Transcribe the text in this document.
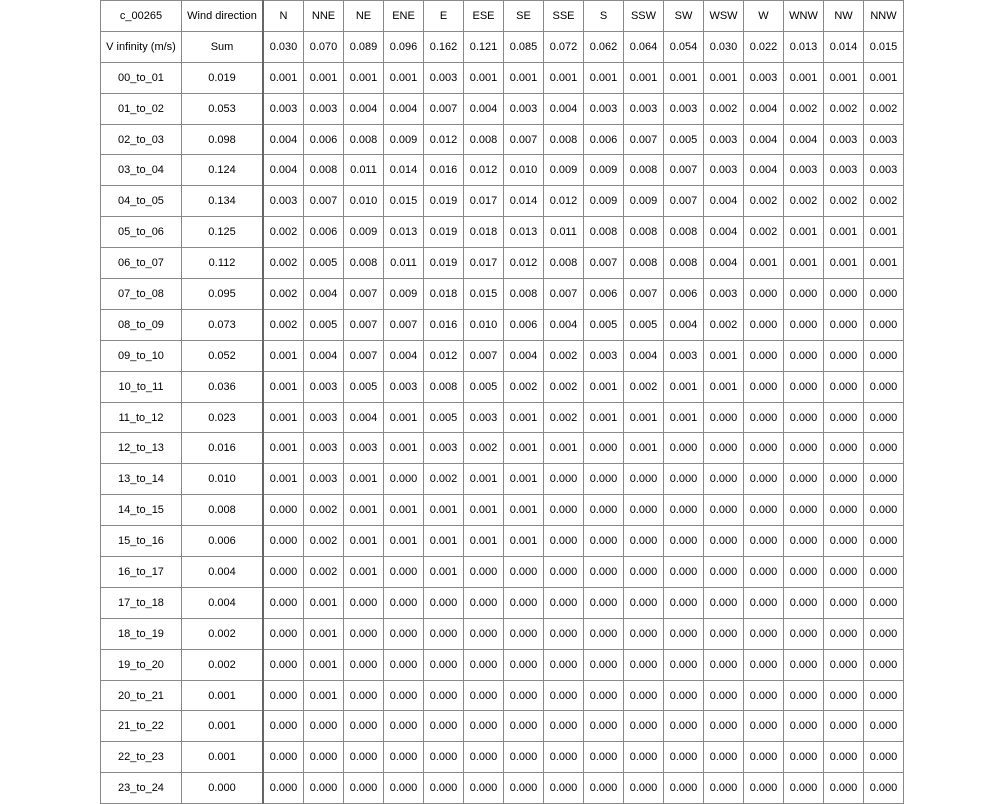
c_00265	Wind direction	N	NNE	NE	ENE	E	ESE	SE	SSE	S	SSW	SW	WSW	W	WNW	NW	NNW
V infinity (m/s)	Sum	0.030	0.070	0.089	0.096	0.162	0.121	0.085	0.072	0.062	0.064	0.054	0.030	0.022	0.013	0.014	0.015
00_to_01	0.019	0.001	0.001	0.001	0.001	0.003	0.001	0.001	0.001	0.001	0.001	0.001	0.001	0.003	0.001	0.001	0.001
01_to_02	0.053	0.003	0.003	0.004	0.004	0.007	0.004	0.003	0.004	0.003	0.003	0.003	0.002	0.004	0.002	0.002	0.002
02_to_03	0.098	0.004	0.006	0.008	0.009	0.012	0.008	0.007	0.008	0.006	0.007	0.005	0.003	0.004	0.004	0.003	0.003
03_to_04	0.124	0.004	0.008	0.011	0.014	0.016	0.012	0.010	0.009	0.009	0.008	0.007	0.003	0.004	0.003	0.003	0.003
04_to_05	0.134	0.003	0.007	0.010	0.015	0.019	0.017	0.014	0.012	0.009	0.009	0.007	0.004	0.002	0.002	0.002	0.002
05_to_06	0.125	0.002	0.006	0.009	0.013	0.019	0.018	0.013	0.011	0.008	0.008	0.008	0.004	0.002	0.001	0.001	0.001
06_to_07	0.112	0.002	0.005	0.008	0.011	0.019	0.017	0.012	0.008	0.007	0.008	0.008	0.004	0.001	0.001	0.001	0.001
07_to_08	0.095	0.002	0.004	0.007	0.009	0.018	0.015	0.008	0.007	0.006	0.007	0.006	0.003	0.000	0.000	0.000	0.000
08_to_09	0.073	0.002	0.005	0.007	0.007	0.016	0.010	0.006	0.004	0.005	0.005	0.004	0.002	0.000	0.000	0.000	0.000
09_to_10	0.052	0.001	0.004	0.007	0.004	0.012	0.007	0.004	0.002	0.003	0.004	0.003	0.001	0.000	0.000	0.000	0.000
10_to_11	0.036	0.001	0.003	0.005	0.003	0.008	0.005	0.002	0.002	0.001	0.002	0.001	0.001	0.000	0.000	0.000	0.000
11_to_12	0.023	0.001	0.003	0.004	0.001	0.005	0.003	0.001	0.002	0.001	0.001	0.001	0.000	0.000	0.000	0.000	0.000
12_to_13	0.016	0.001	0.003	0.003	0.001	0.003	0.002	0.001	0.001	0.000	0.001	0.000	0.000	0.000	0.000	0.000	0.000
13_to_14	0.010	0.001	0.003	0.001	0.000	0.002	0.001	0.001	0.000	0.000	0.000	0.000	0.000	0.000	0.000	0.000	0.000
14_to_15	0.008	0.000	0.002	0.001	0.001	0.001	0.001	0.001	0.000	0.000	0.000	0.000	0.000	0.000	0.000	0.000	0.000
15_to_16	0.006	0.000	0.002	0.001	0.001	0.001	0.001	0.001	0.000	0.000	0.000	0.000	0.000	0.000	0.000	0.000	0.000
16_to_17	0.004	0.000	0.002	0.001	0.000	0.001	0.000	0.000	0.000	0.000	0.000	0.000	0.000	0.000	0.000	0.000	0.000
17_to_18	0.004	0.000	0.001	0.000	0.000	0.000	0.000	0.000	0.000	0.000	0.000	0.000	0.000	0.000	0.000	0.000	0.000
18_to_19	0.002	0.000	0.001	0.000	0.000	0.000	0.000	0.000	0.000	0.000	0.000	0.000	0.000	0.000	0.000	0.000	0.000
19_to_20	0.002	0.000	0.001	0.000	0.000	0.000	0.000	0.000	0.000	0.000	0.000	0.000	0.000	0.000	0.000	0.000	0.000
20_to_21	0.001	0.000	0.001	0.000	0.000	0.000	0.000	0.000	0.000	0.000	0.000	0.000	0.000	0.000	0.000	0.000	0.000
21_to_22	0.001	0.000	0.000	0.000	0.000	0.000	0.000	0.000	0.000	0.000	0.000	0.000	0.000	0.000	0.000	0.000	0.000
22_to_23	0.001	0.000	0.000	0.000	0.000	0.000	0.000	0.000	0.000	0.000	0.000	0.000	0.000	0.000	0.000	0.000	0.000
23_to_24	0.000	0.000	0.000	0.000	0.000	0.000	0.000	0.000	0.000	0.000	0.000	0.000	0.000	0.000	0.000	0.000	0.000
